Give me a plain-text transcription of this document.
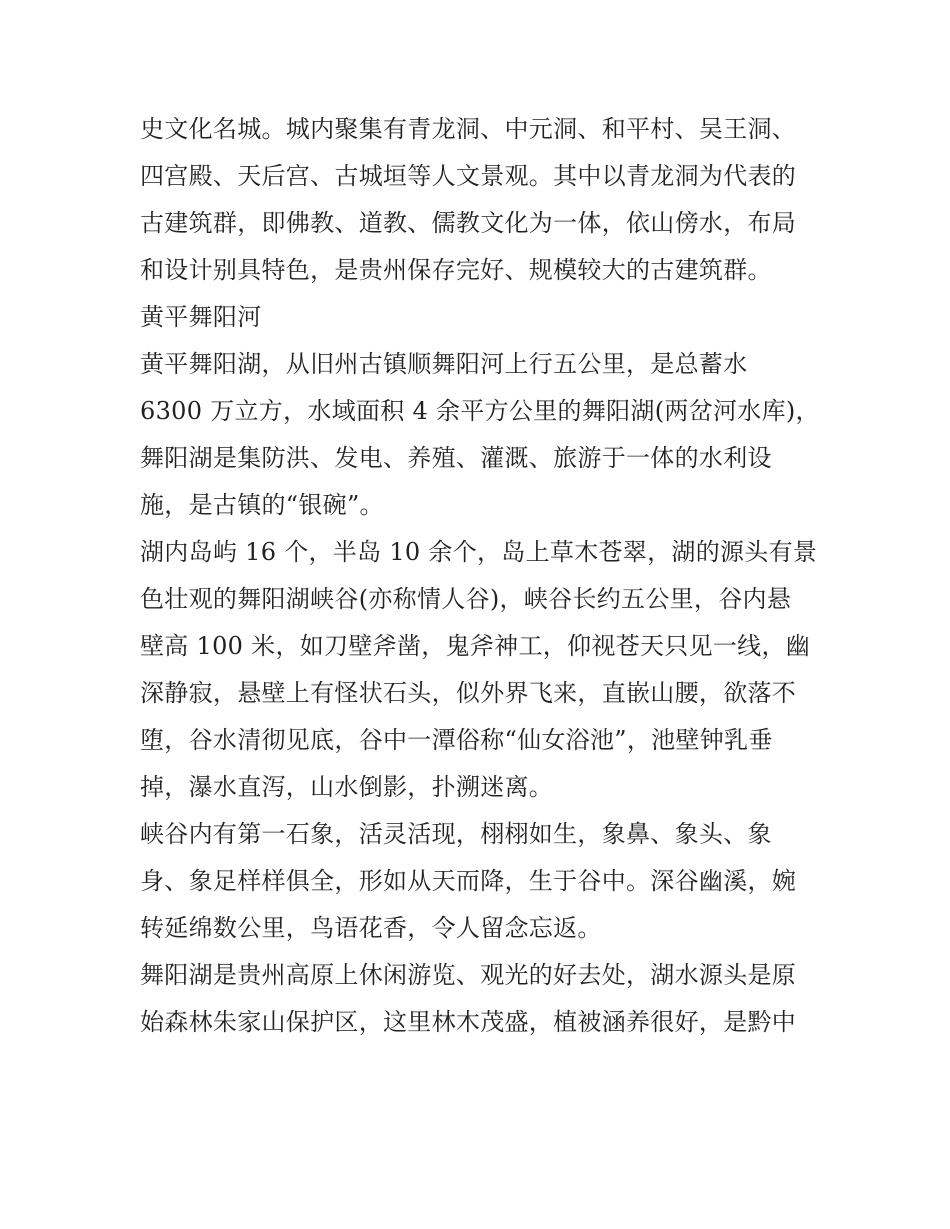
史文化名城。城内聚集有青龙洞、中元洞、和平村、吴王洞、
四宫殿、天后宫、古城垣等人文景观。其中以青龙洞为代表的
古建筑群，即佛教、道教、儒教文化为一体，依山傍水，布局
和设计别具特色，是贵州保存完好、规模较大的古建筑群。
黄平舞阳河
黄平舞阳湖，从旧州古镇顺舞阳河上行五公里，是总蓄水
6300 万立方，水域面积 4 余平方公里的舞阳湖(两岔河水库)，
舞阳湖是集防洪、发电、养殖、灌溉、旅游于一体的水利设
施，是古镇的“银碗”。
湖内岛屿 16 个，半岛 10 余个，岛上草木苍翠，湖的源头有景
色壮观的舞阳湖峡谷(亦称情人谷)，峡谷长约五公里，谷内悬
壁高 100 米，如刀壁斧凿，鬼斧神工，仰视苍天只见一线，幽
深静寂，悬壁上有怪状石头，似外界飞来，直嵌山腰，欲落不
堕，谷水清彻见底，谷中一潭俗称“仙女浴池”，池壁钟乳垂
掉，瀑水直泻，山水倒影，扑溯迷离。
峡谷内有第一石象，活灵活现，栩栩如生，象鼻、象头、象
身、象足样样俱全，形如从天而降，生于谷中。深谷幽溪，婉
转延绵数公里，鸟语花香，令人留念忘返。
舞阳湖是贵州高原上休闲游览、观光的好去处，湖水源头是原
始森林朱家山保护区，这里林木茂盛，植被涵养很好，是黔中
